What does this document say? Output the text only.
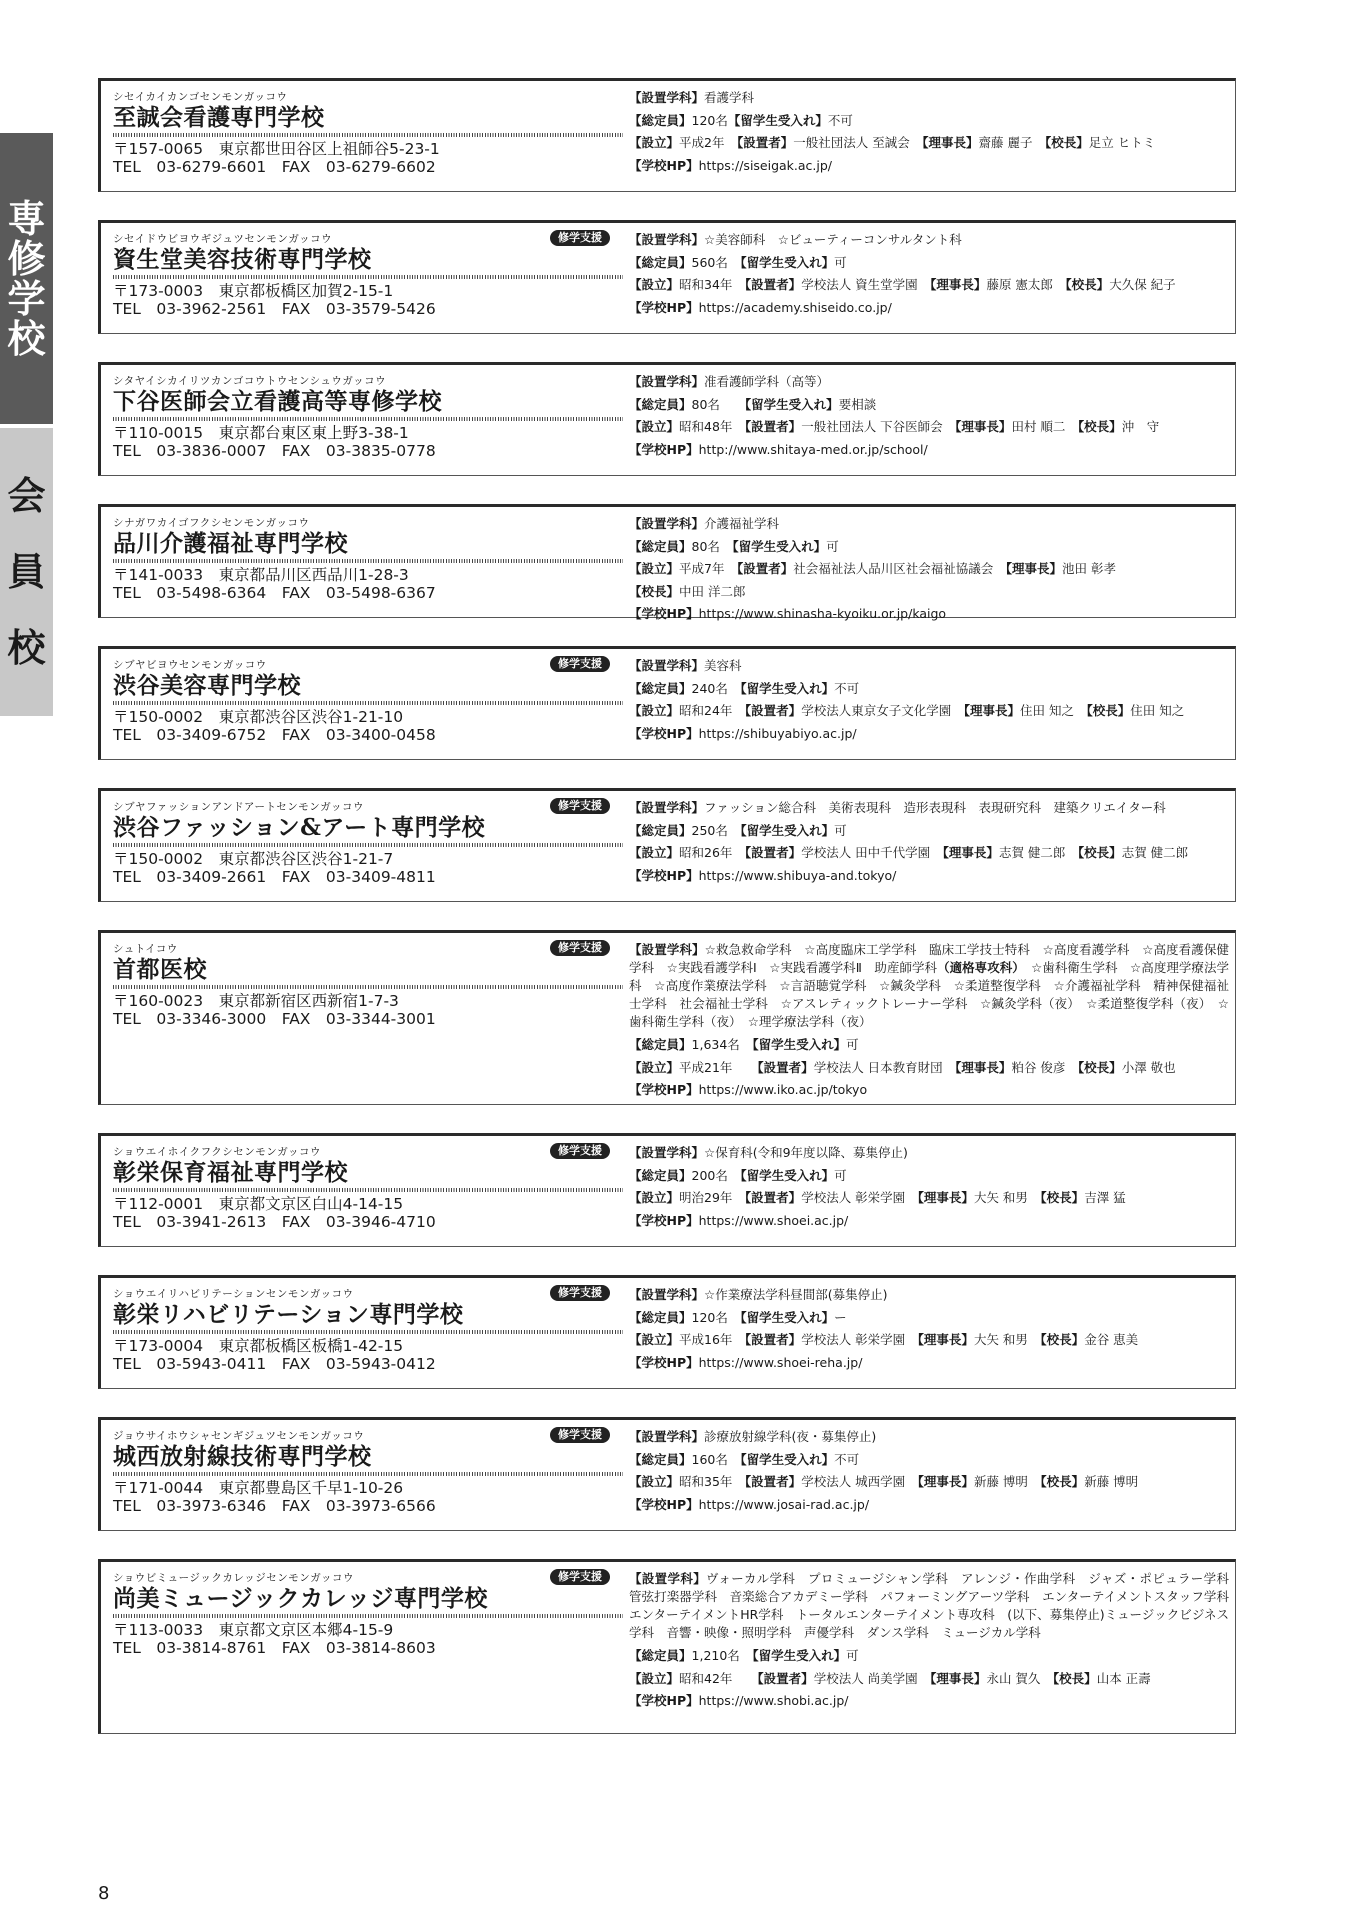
専
修
学
校
会
員
校
シセイカイカンゴセンモンガッコウ
至誠会看護専門学校
〒157-0065　東京都世田谷区上祖師谷5-23-1
TEL　03-6279-6601　FAX　03-6279-6602
【設置学科】看護学科
【総定員】120名【留学生受入れ】不可
【設立】平成2年　【設置者】一般社団法人 至誠会　【理事長】齋藤 麗子　【校長】足立 ヒトミ
【学校HP】https://siseigak.ac.jp/
シセイドウビヨウギジュツセンモンガッコウ
資生堂美容技術専門学校
〒173-0003　東京都板橋区加賀2-15-1
TEL　03-3962-2561　FAX　03-3579-5426
修学支援	【設置学科】☆美容師科　☆ビューティーコンサルタント科
【総定員】560名　【留学生受入れ】可
【設立】昭和34年　【設置者】学校法人 資生堂学園　【理事長】藤原 憲太郎　【校長】大久保 紀子
【学校HP】https://academy.shiseido.co.jp/
シタヤイシカイリツカンゴコウトウセンシュウガッコウ
下谷医師会立看護高等専修学校
〒110-0015　東京都台東区東上野3-38-1
TEL　03-3836-0007　FAX　03-3835-0778
【設置学科】准看護師学科（高等）
【総定員】80名　　【留学生受入れ】要相談
【設立】昭和48年　【設置者】一般社団法人 下谷医師会　【理事長】田村 順二　【校長】沖　守
【学校HP】http://www.shitaya-med.or.jp/school/
シナガワカイゴフクシセンモンガッコウ
品川介護福祉専門学校
〒141-0033　東京都品川区西品川1-28-3
TEL　03-5498-6364　FAX　03-5498-6367
【設置学科】介護福祉学科
【総定員】80名　【留学生受入れ】可
【設立】平成7年　【設置者】社会福祉法人品川区社会福祉協議会　【理事長】池田 彰孝
【校長】中田 洋二郎
【学校HP】https://www.shinasha-kyoiku.or.jp/kaigo
シブヤビヨウセンモンガッコウ
渋谷美容専門学校
〒150-0002　東京都渋谷区渋谷1-21-10
TEL　03-3409-6752　FAX　03-3400-0458
修学支援	【設置学科】美容科
【総定員】240名　【留学生受入れ】不可
【設立】昭和24年　【設置者】学校法人東京女子文化学園　【理事長】住田 知之　【校長】住田 知之
【学校HP】https://shibuyabiyo.ac.jp/
シブヤファッションアンドアートセンモンガッコウ
渋谷ファッション&アート専門学校
〒150-0002　東京都渋谷区渋谷1-21-7
TEL　03-3409-2661　FAX　03-3409-4811
修学支援	【設置学科】ファッション総合科　美術表現科　造形表現科　表現研究科　建築クリエイター科
【総定員】250名　【留学生受入れ】可
【設立】昭和26年　【設置者】学校法人 田中千代学園　【理事長】志賀 健二郎　【校長】志賀 健二郎
【学校HP】https://www.shibuya-and.tokyo/
シュトイコウ
首都医校
〒160-0023　東京都新宿区西新宿1-7-3
TEL　03-3346-3000　FAX　03-3344-3001
修学支援	【設置学科】☆救急救命学科　☆高度臨床工学学科　臨床工学技士特科　☆高度看護学科　☆高度看護保健学科　☆実践看護学科Ⅰ　☆実践看護学科Ⅱ　助産師学科（適格専攻科）　☆歯科衛生学科　☆高度理学療法学科　☆高度作業療法学科　☆言語聴覚学科　☆鍼灸学科　☆柔道整復学科　☆介護福祉学科　精神保健福祉士学科　社会福祉士学科　☆アスレティックトレーナー学科　☆鍼灸学科（夜）　☆柔道整復学科（夜）　☆歯科衛生学科（夜）　☆理学療法学科（夜）
【総定員】1,634名　【留学生受入れ】可
【設立】平成21年　　【設置者】学校法人 日本教育財団　【理事長】粕谷 俊彦　【校長】小澤 敬也
【学校HP】https://www.iko.ac.jp/tokyo
ショウエイホイクフクシセンモンガッコウ
彰栄保育福祉専門学校
〒112-0001　東京都文京区白山4-14-15
TEL　03-3941-2613　FAX　03-3946-4710
修学支援	【設置学科】☆保育科(令和9年度以降、募集停止)
【総定員】200名　【留学生受入れ】可
【設立】明治29年　【設置者】学校法人 彰栄学園　【理事長】大矢 和男　【校長】吉澤 猛
【学校HP】https://www.shoei.ac.jp/
ショウエイリハビリテーションセンモンガッコウ
彰栄リハビリテーション専門学校
〒173-0004　東京都板橋区板橋1-42-15
TEL　03-5943-0411　FAX　03-5943-0412
修学支援	【設置学科】☆作業療法学科昼間部(募集停止)
【総定員】120名　【留学生受入れ】ー
【設立】平成16年　【設置者】学校法人 彰栄学園　【理事長】大矢 和男　【校長】金谷 恵美
【学校HP】https://www.shoei-reha.jp/
ジョウサイホウシャセンギジュツセンモンガッコウ
城西放射線技術専門学校
〒171-0044　東京都豊島区千早1-10-26
TEL　03-3973-6346　FAX　03-3973-6566
修学支援	【設置学科】診療放射線学科(夜・募集停止)
【総定員】160名　【留学生受入れ】不可
【設立】昭和35年　【設置者】学校法人 城西学園　【理事長】新藤 博明　【校長】新藤 博明
【学校HP】https://www.josai-rad.ac.jp/
ショウビミュージックカレッジセンモンガッコウ
尚美ミュージックカレッジ専門学校
〒113-0033　東京都文京区本郷4-15-9
TEL　03-3814-8761　FAX　03-3814-8603
修学支援	【設置学科】ヴォーカル学科　プロミュージシャン学科　アレンジ・作曲学科　ジャズ・ポピュラー学科　管弦打楽器学科　音楽総合アカデミー学科　パフォーミングアーツ学科　エンターテイメントスタッフ学科　エンターテイメントHR学科　トータルエンターテイメント専攻科　(以下、募集停止)ミュージックビジネス学科　音響・映像・照明学科　声優学科　ダンス学科　ミュージカル学科
【総定員】1,210名　【留学生受入れ】可
【設立】昭和42年　　【設置者】学校法人 尚美学園　【理事長】永山 賀久　【校長】山本 正壽
【学校HP】https://www.shobi.ac.jp/
8
